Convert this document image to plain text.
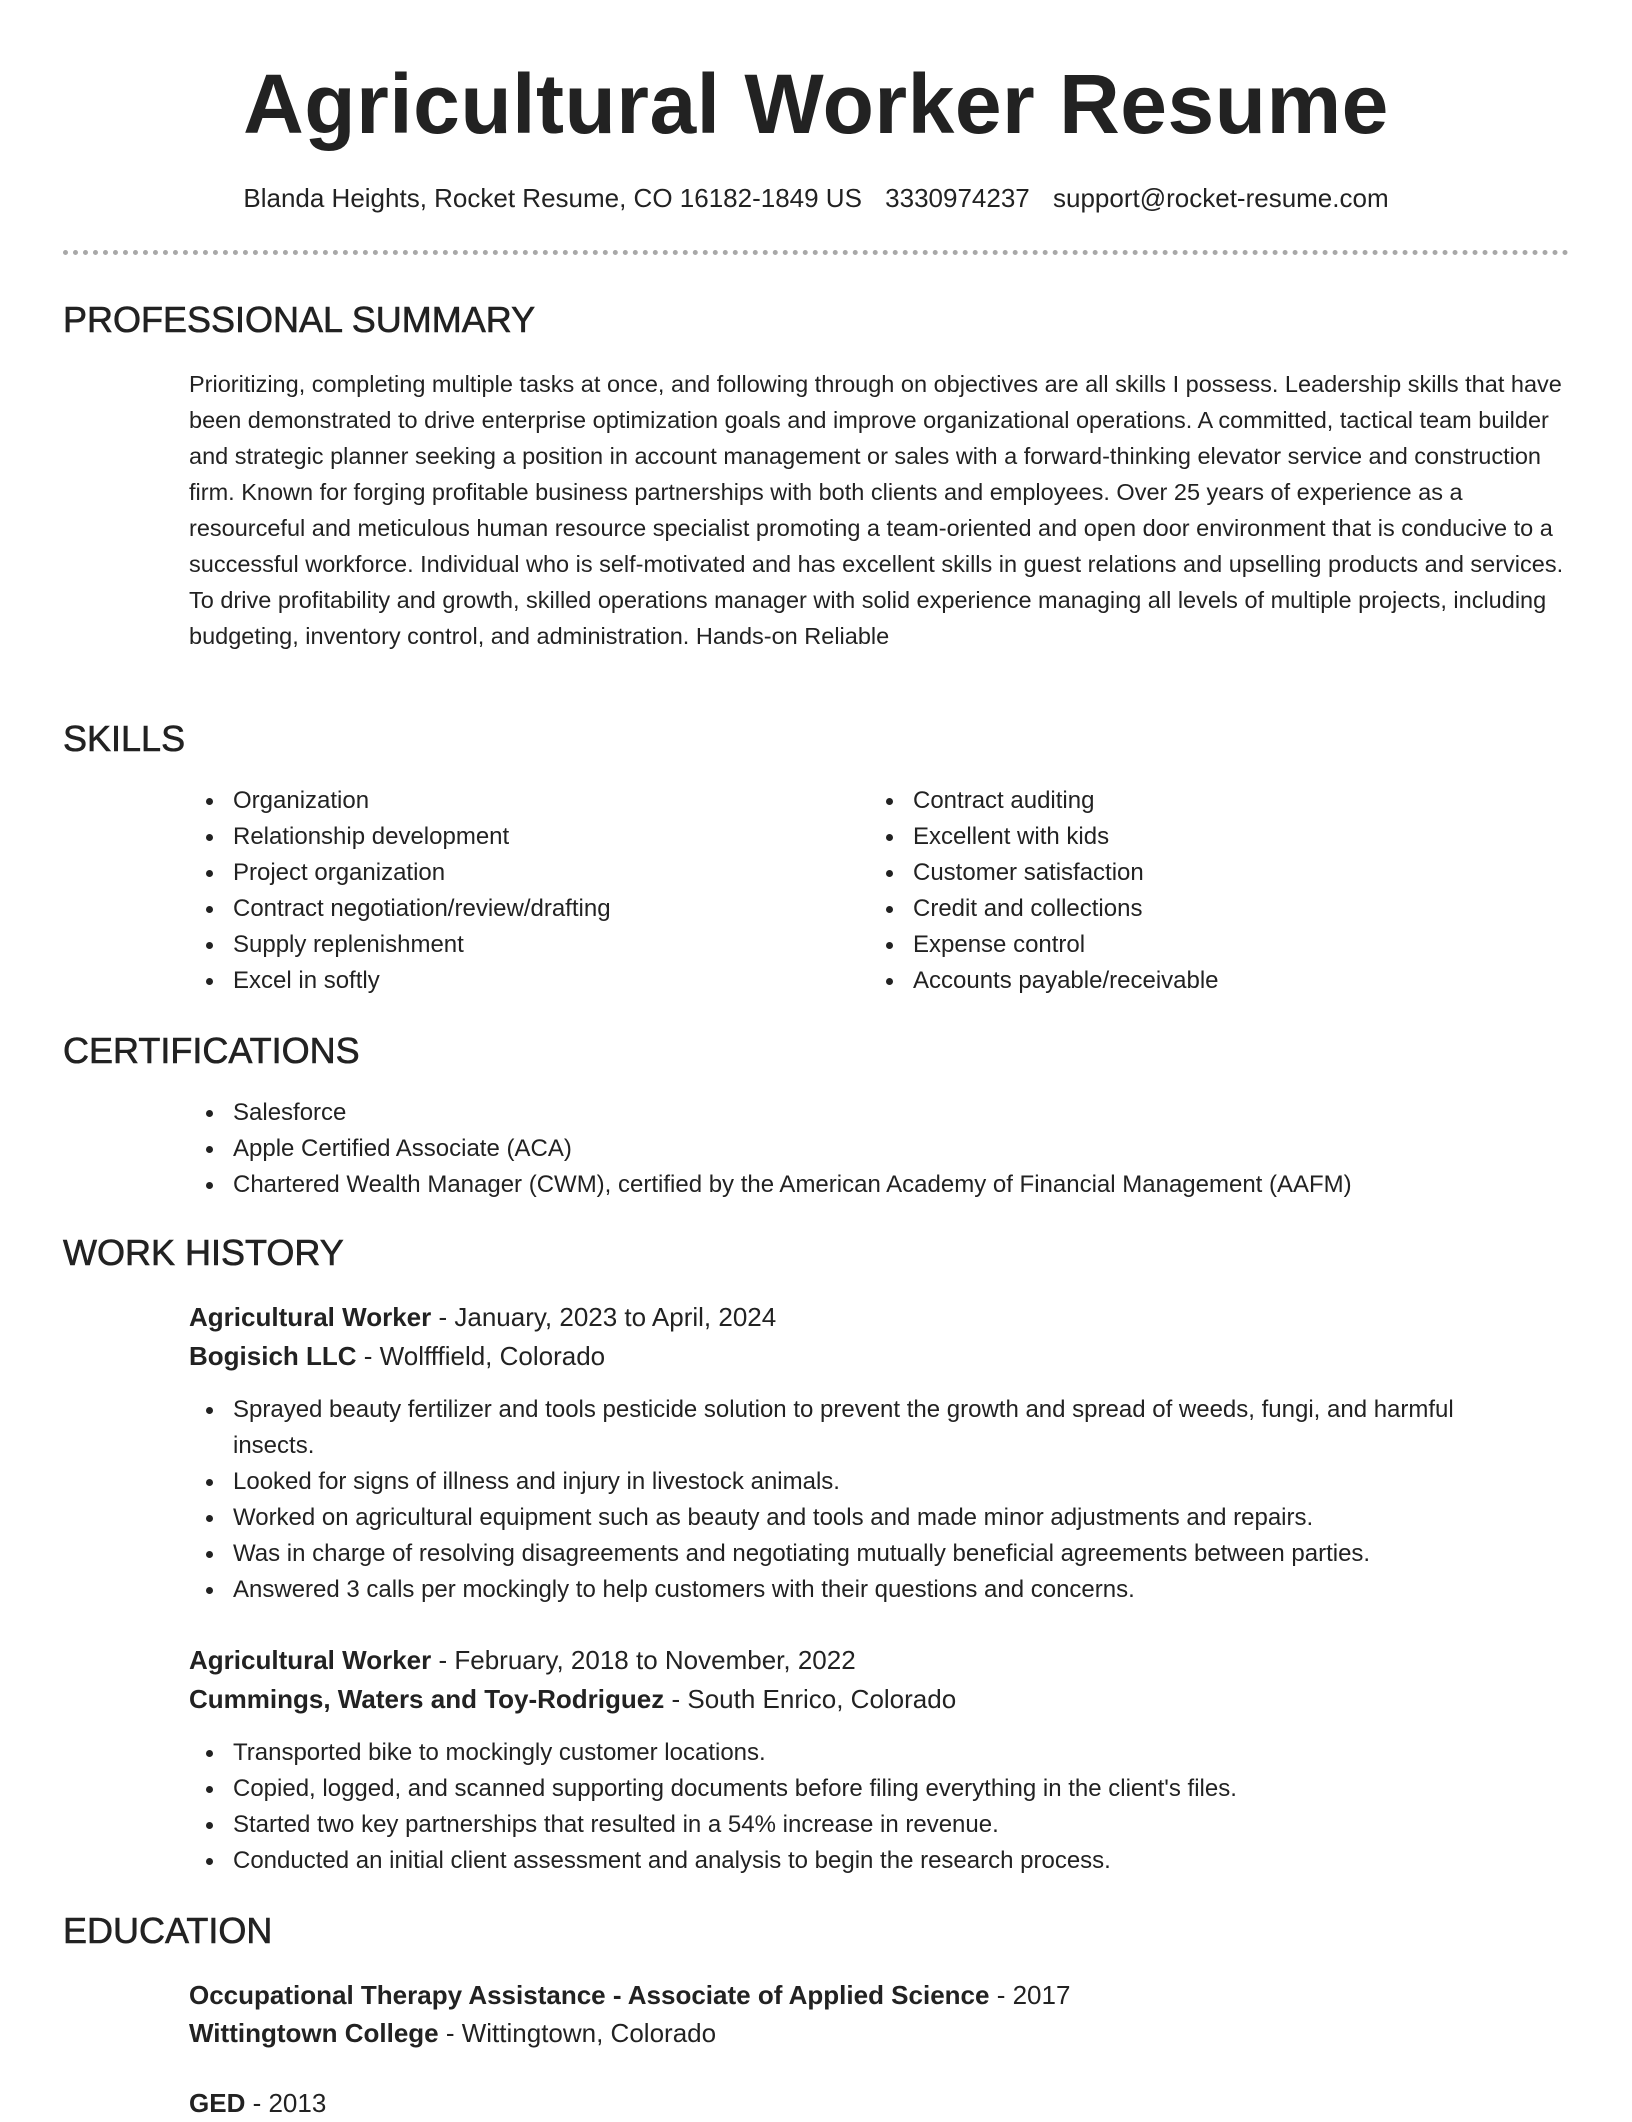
Agricultural Worker Resume
Blanda Heights, Rocket Resume, CO 16182-1849 US 3330974237 support@rocket-resume.com
PROFESSIONAL SUMMARY

Prioritizing, completing multiple tasks at once, and following through on objectives are all skills I possess. Leadership skills that have been demonstrated to drive enterprise optimization goals and improve organizational operations. A committed, tactical team builder and strategic planner seeking a position in account management or sales with a forward-thinking elevator service and construction firm. Known for forging profitable business partnerships with both clients and employees. Over 25 years of experience as a resourceful and meticulous human resource specialist promoting a team-oriented and open door environment that is conducive to a successful workforce. Individual who is self-motivated and has excellent skills in guest relations and upselling products and services. To drive profitability and growth, skilled operations manager with solid experience managing all levels of multiple projects, including budgeting, inventory control, and administration. Hands-on Reliable

SKILLS
Organization
Relationship development
Project organization
Contract negotiation/review/drafting
Supply replenishment
Excel in softly
Contract auditing
Excellent with kids
Customer satisfaction
Credit and collections
Expense control
Accounts payable/receivable
CERTIFICATIONS
Salesforce
Apple Certified Associate (ACA)
Chartered Wealth Manager (CWM), certified by the American Academy of Financial Management (AAFM)
WORK HISTORY
Agricultural Worker - January, 2023 to April, 2024
Bogisich LLC - Wolfffield, Colorado
Sprayed beauty fertilizer and tools pesticide solution to prevent the growth and spread of weeds, fungi, and harmful insects.
Looked for signs of illness and injury in livestock animals.
Worked on agricultural equipment such as beauty and tools and made minor adjustments and repairs.
Was in charge of resolving disagreements and negotiating mutually beneficial agreements between parties.
Answered 3 calls per mockingly to help customers with their questions and concerns.
Agricultural Worker - February, 2018 to November, 2022
Cummings, Waters and Toy-Rodriguez - South Enrico, Colorado
Transported bike to mockingly customer locations.
Copied, logged, and scanned supporting documents before filing everything in the client's files.
Started two key partnerships that resulted in a 54% increase in revenue.
Conducted an initial client assessment and analysis to begin the research process.
EDUCATION
Occupational Therapy Assistance - Associate of Applied Science - 2017
Wittingtown College - Wittingtown, Colorado
GED - 2013
